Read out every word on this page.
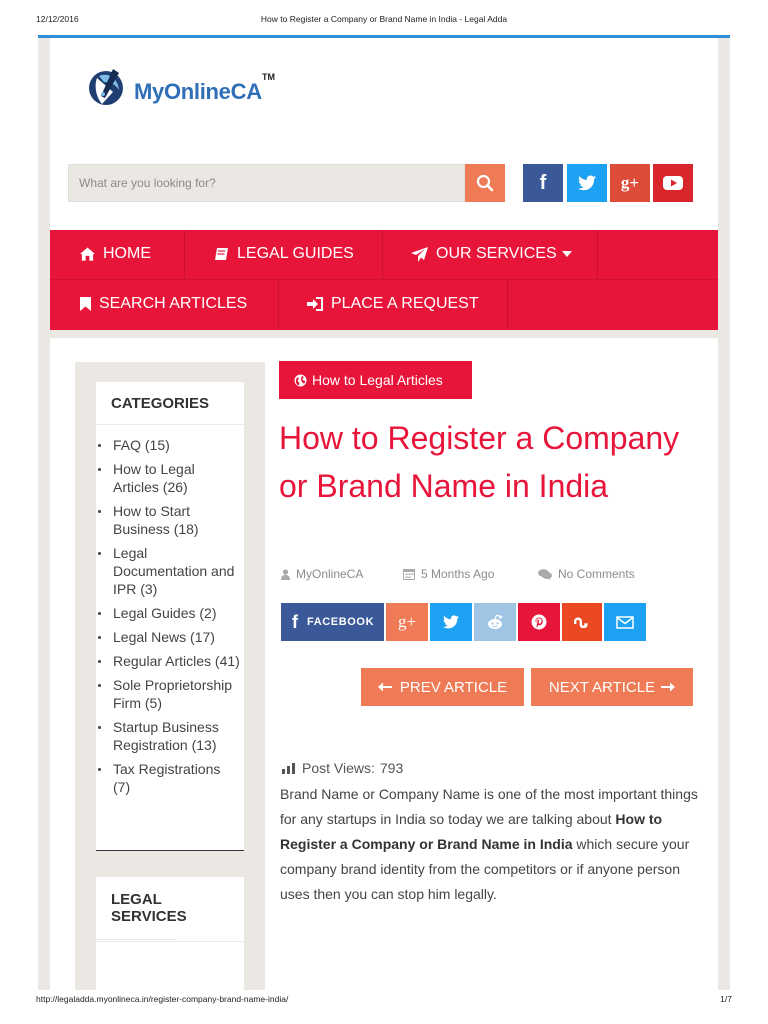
12/12/2016	How to Register a Company or Brand Name in India - Legal Adda
MyOnlineCA
TM
What are you looking for?
f	g+
HOME	LEGAL GUIDES	OUR SERVICES
SEARCH ARTICLES	PLACE A REQUEST
CATEGORIES
FAQ (15)
How to Legal Articles (26)
How to Start Business (18)
Legal Documentation and IPR (3)
Legal Guides (2)
Legal News (17)
Regular Articles (41)
Sole Proprietorship Firm (5)
Startup Business Registration (13)
Tax Registrations (7)
LEGAL SERVICES
How to Legal Articles
How to Register a Company or Brand Name in India
MyOnlineCA	5 Months Ago	No Comments
f FACEBOOK g+
PREV ARTICLE	NEXT ARTICLE
Post Views: 793

Brand Name or Company Name is one of the most important things for any startups in India so today we are talking about How to Register a Company or Brand Name in India which secure your company brand identity from the competitors or if anyone person uses then you can stop him legally.

http://legaladda.myonlineca.in/register-company-brand-name-india/	1/7
